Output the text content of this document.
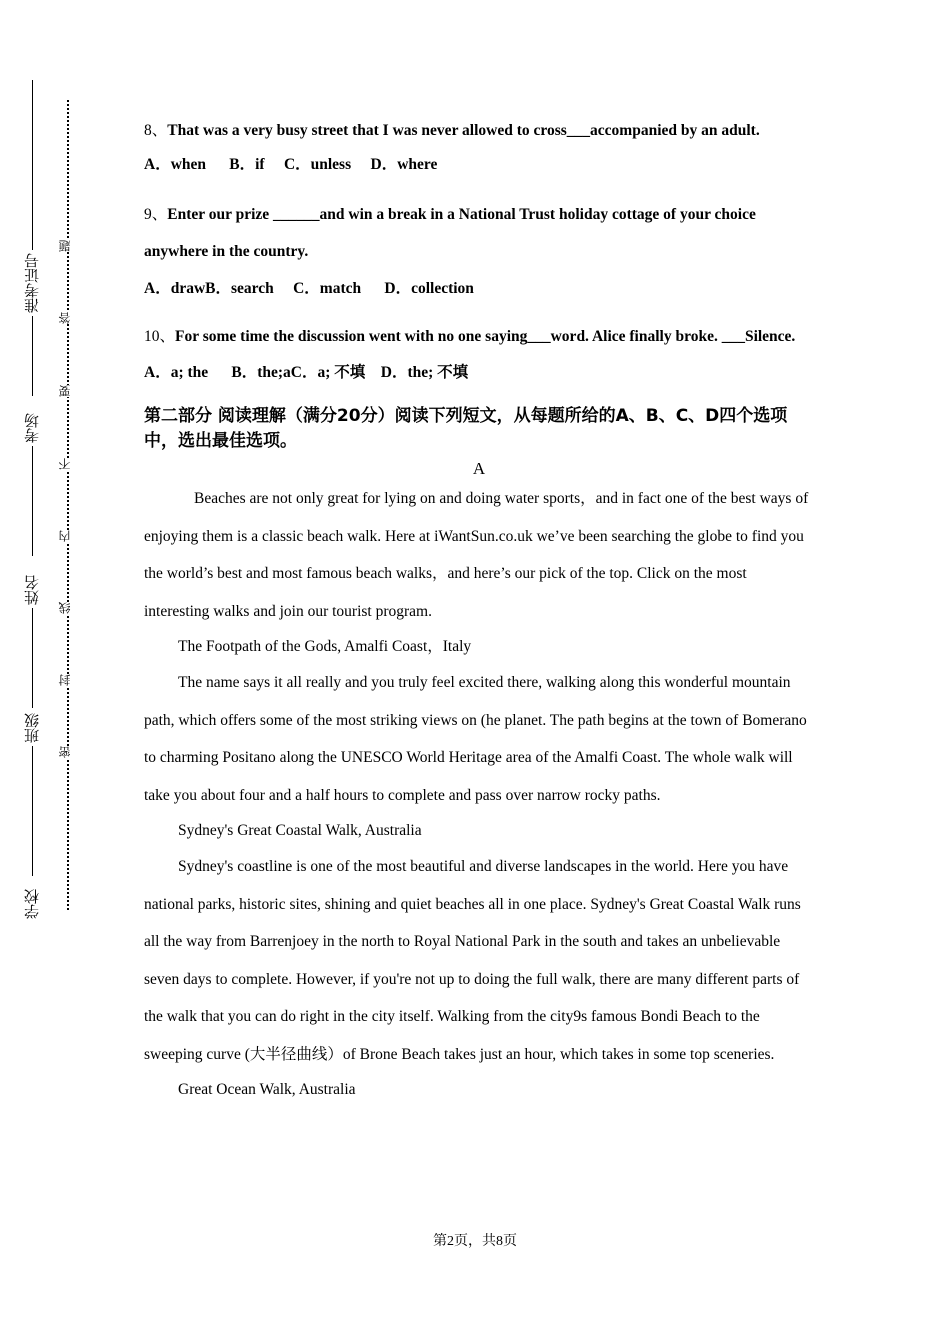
准考证号
考场
姓名
班级
学校
题
答
要
不
内
线
封
密

8、That was a very busy street that I was never allowed to cross___accompanied by an adult.

A．when      B．if     C．unless     D．where

9、Enter our prize ______and win a break in a National Trust holiday cottage of your choice anywhere in the country.

A．drawB．search     C．match      D．collection

10、For some time the discussion went with no one saying___word. Alice finally broke. ___Silence.

A．a; the      B．the;aC．a; 不填    D．the; 不填

第二部分 阅读理解（满分20分）阅读下列短文，从每题所给的A、B、C、D四个选项中，选出最佳选项。

A

Beaches are not only great for lying on and doing water sports，and in fact one of the best ways of enjoying them is a classic beach walk. Here at iWantSun.co.uk we’ve been searching the globe to find you the world’s best and most famous beach walks，and here’s our pick of the top. Click on the most interesting walks and join our tourist program.

The Footpath of the Gods, Amalfi Coast，Italy

The name says it all really and you truly feel excited there, walking along this wonderful mountain path, which offers some of the most striking views on (he planet. The path begins at the town of Bomerano to charming Positano along the UNESCO World Heritage area of the Amalfi Coast. The whole walk will take you about four and a half hours to complete and pass over narrow rocky paths.

Sydney's Great Coastal Walk, Australia

Sydney's coastline is one of the most beautiful and diverse landscapes in the world. Here you have national parks, historic sites, shining and quiet beaches all in one place. Sydney's Great Coastal Walk runs all the way from Barrenjoey in the north to Royal National Park in the south and takes an unbelievable seven days to complete. However, if you're not up to doing the full walk, there are many different parts of the walk that you can do right in the city itself. Walking from the city9s famous Bondi Beach to the sweeping curve (大半径曲线）of Brone Beach takes just an hour, which takes in some top sceneries.

Great Ocean Walk, Australia

第2页，共8页
